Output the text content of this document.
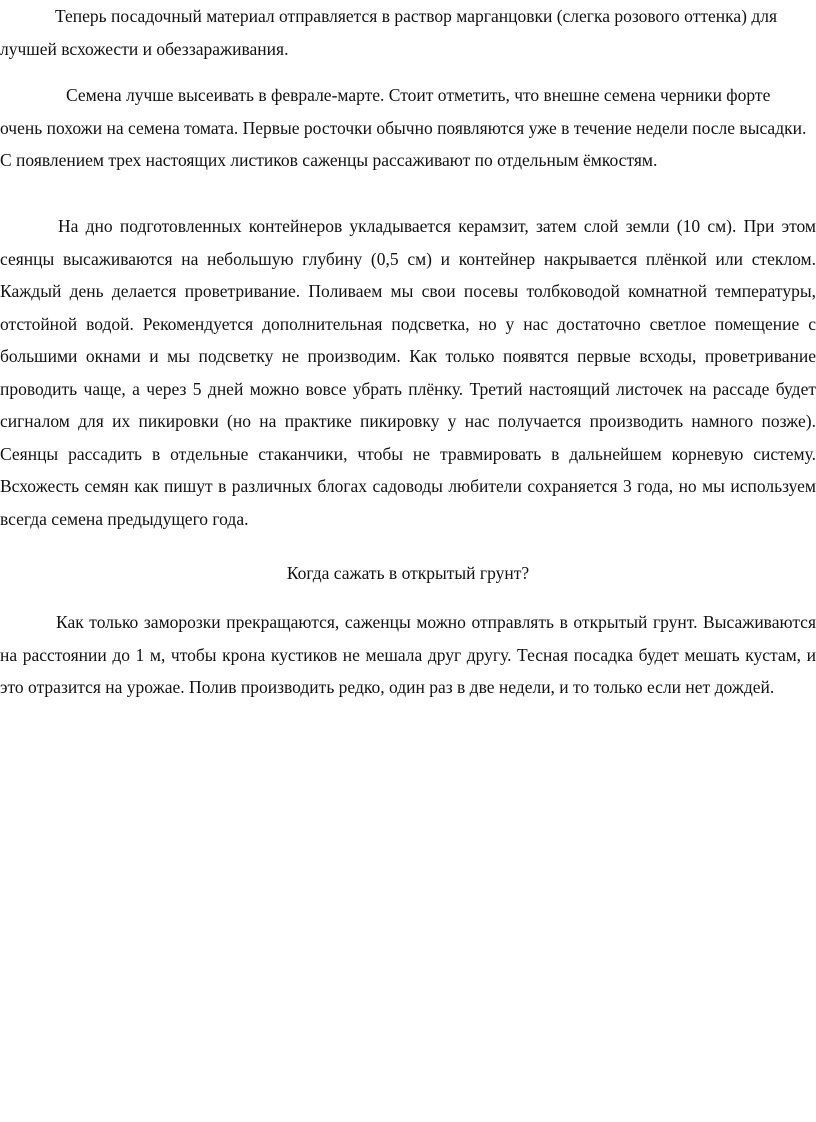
Теперь посадочный материал отправляется в раствор марганцовки (слегка розового оттенка) для лучшей всхожести и обеззараживания.

Семена лучше высеивать в феврале-марте. Стоит отметить, что внешне семена черники форте очень похожи на семена томата. Первые росточки обычно появляются уже в течение недели после высадки. С появлением трех настоящих листиков саженцы рассаживают по отдельным ёмкостям.

На дно подготовленных контейнеров укладывается керамзит, затем слой земли (10 см). При этом сеянцы высаживаются на небольшую глубину (0,5 см) и контейнер накрывается плёнкой или стеклом. Каждый день делается проветривание. Поливаем мы свои посевы толбководой комнатной температуры, отстойной водой. Рекомендуется дополнительная подсветка, но у нас достаточно светлое помещение с большими окнами и мы подсветку не производим. Как только появятся первые всходы, проветривание проводить чаще, а через 5 дней можно вовсе убрать плёнку. Третий настоящий листочек на рассаде будет сигналом для их пикировки (но на практике пикировку у нас получается производить намного позже). Сеянцы рассадить в отдельные стаканчики, чтобы не травмировать в дальнейшем корневую систему. Всхожесть семян как пишут в различных блогах садоводы любители сохраняется 3 года, но мы используем всегда семена предыдущего года.

Когда сажать в открытый грунт?

Как только заморозки прекращаются, саженцы можно отправлять в открытый грунт. Высаживаются на расстоянии до 1 м, чтобы крона кустиков не мешала друг другу. Тесная посадка будет мешать кустам, и это отразится на урожае. Полив производить редко, один раз в две недели, и то только если нет дождей.
